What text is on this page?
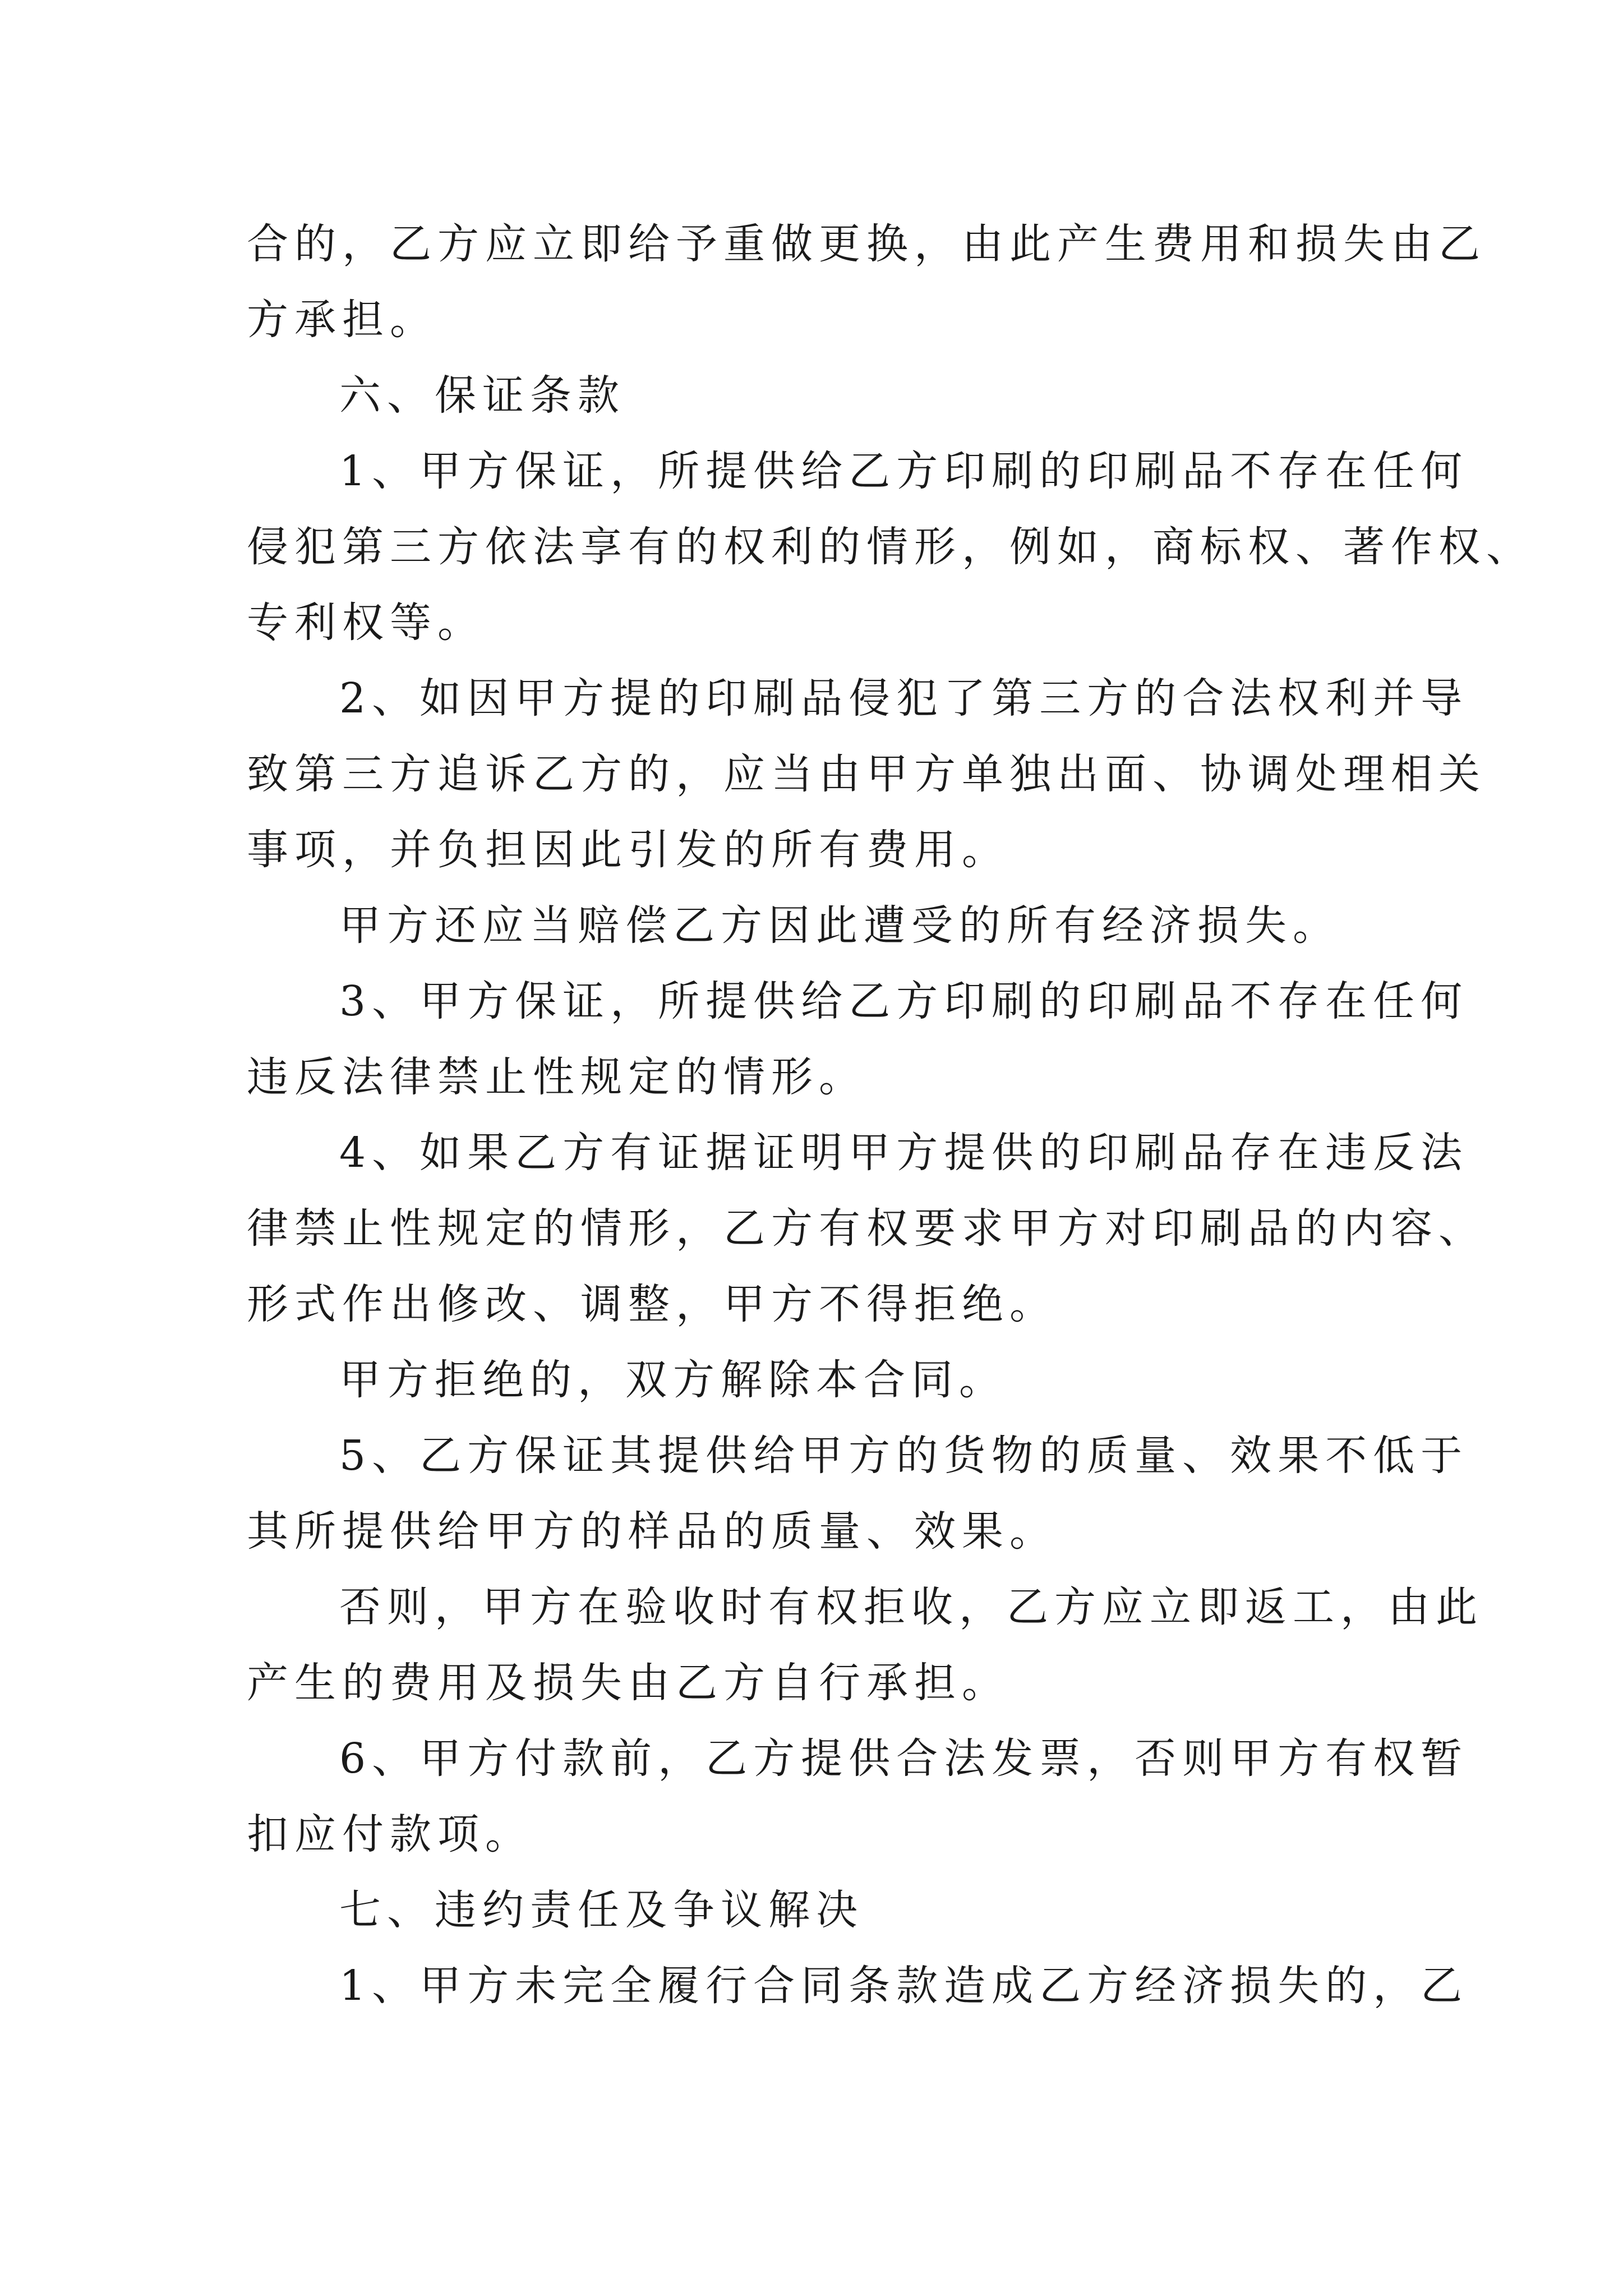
合的，乙方应立即给予重做更换，由此产生费用和损失由乙
方承担。
六、保证条款
1、甲方保证，所提供给乙方印刷的印刷品不存在任何
侵犯第三方依法享有的权利的情形，例如，商标权、著作权、
专利权等。
2、如因甲方提的印刷品侵犯了第三方的合法权利并导
致第三方追诉乙方的，应当由甲方单独出面、协调处理相关
事项，并负担因此引发的所有费用。
甲方还应当赔偿乙方因此遭受的所有经济损失。
3、甲方保证，所提供给乙方印刷的印刷品不存在任何
违反法律禁止性规定的情形。
4、如果乙方有证据证明甲方提供的印刷品存在违反法
律禁止性规定的情形，乙方有权要求甲方对印刷品的内容、
形式作出修改、调整，甲方不得拒绝。
甲方拒绝的，双方解除本合同。
5、乙方保证其提供给甲方的货物的质量、效果不低于
其所提供给甲方的样品的质量、效果。
否则，甲方在验收时有权拒收，乙方应立即返工，由此
产生的费用及损失由乙方自行承担。
6、甲方付款前，乙方提供合法发票，否则甲方有权暂
扣应付款项。
七、违约责任及争议解决
1、甲方未完全履行合同条款造成乙方经济损失的，乙
